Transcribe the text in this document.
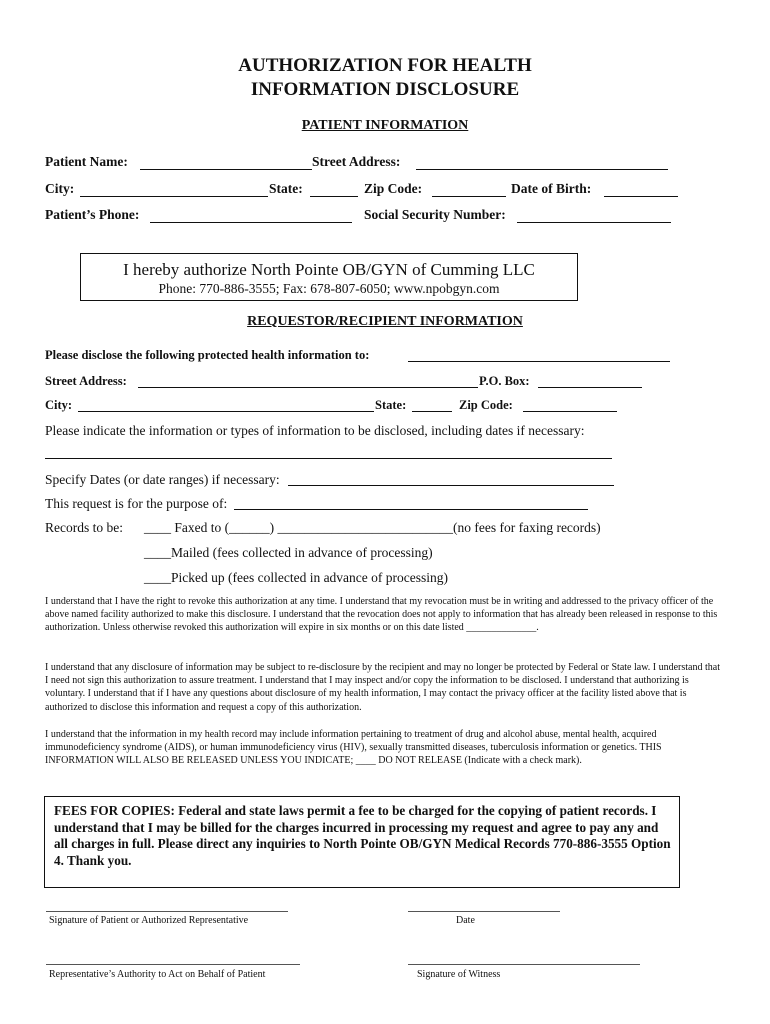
AUTHORIZATION FOR HEALTH
INFORMATION DISCLOSURE
PATIENT INFORMATION
Patient Name:	Street Address:
City:	State:	Zip Code:	Date of Birth:
Patient’s Phone:	Social Security Number:
I hereby authorize North Pointe OB/GYN of Cumming LLC
Phone: 770-886-3555; Fax: 678-807-6050; www.npobgyn.com
REQUESTOR/RECIPIENT INFORMATION
Please disclose the following protected health information to:
Street Address:	P.O. Box:
City:	State:	Zip Code:
Please indicate the information or types of information to be disclosed, including dates if necessary:
Specify Dates (or date ranges) if necessary:
This request is for the purpose of:
Records to be: ____ Faxed to (______) __________________________(no fees for faxing records)
____Mailed (fees collected in advance of processing)
____Picked up (fees collected in advance of processing)
I understand that I have the right to revoke this authorization at any time. I understand that my revocation must be in writing and addressed to the privacy officer of the above named facility authorized to make this disclosure. I understand that the revocation does not apply to information that has already been released in response to this authorization. Unless otherwise revoked this authorization will expire in six months or on this date listed ______________.
I understand that any disclosure of information may be subject to re-disclosure by the recipient and may no longer be protected by Federal or State law. I understand that I need not sign this authorization to assure treatment. I understand that I may inspect and/or copy the information to be disclosed. I understand that authorizing is voluntary. I understand that if I have any questions about disclosure of my health information, I may contact the privacy officer at the facility listed above that is authorized to disclose this information and request a copy of this authorization.
I understand that the information in my health record may include information pertaining to treatment of drug and alcohol abuse, mental health, acquired immunodeficiency syndrome (AIDS), or human immunodeficiency virus (HIV), sexually transmitted diseases, tuberculosis information or genetics. THIS INFORMATION WILL ALSO BE RELEASED UNLESS YOU INDICATE; ____ DO NOT RELEASE (Indicate with a check mark).
FEES FOR COPIES: Federal and state laws permit a fee to be charged for the copying of patient records. I understand that I may be billed for the charges incurred in processing my request and agree to pay any and all charges in full. Please direct any inquiries to North Pointe OB/GYN Medical Records 770-886-3555 Option 4. Thank you.
Signature of Patient or Authorized Representative	Date
Representative’s Authority to Act on Behalf of Patient	Signature of Witness
